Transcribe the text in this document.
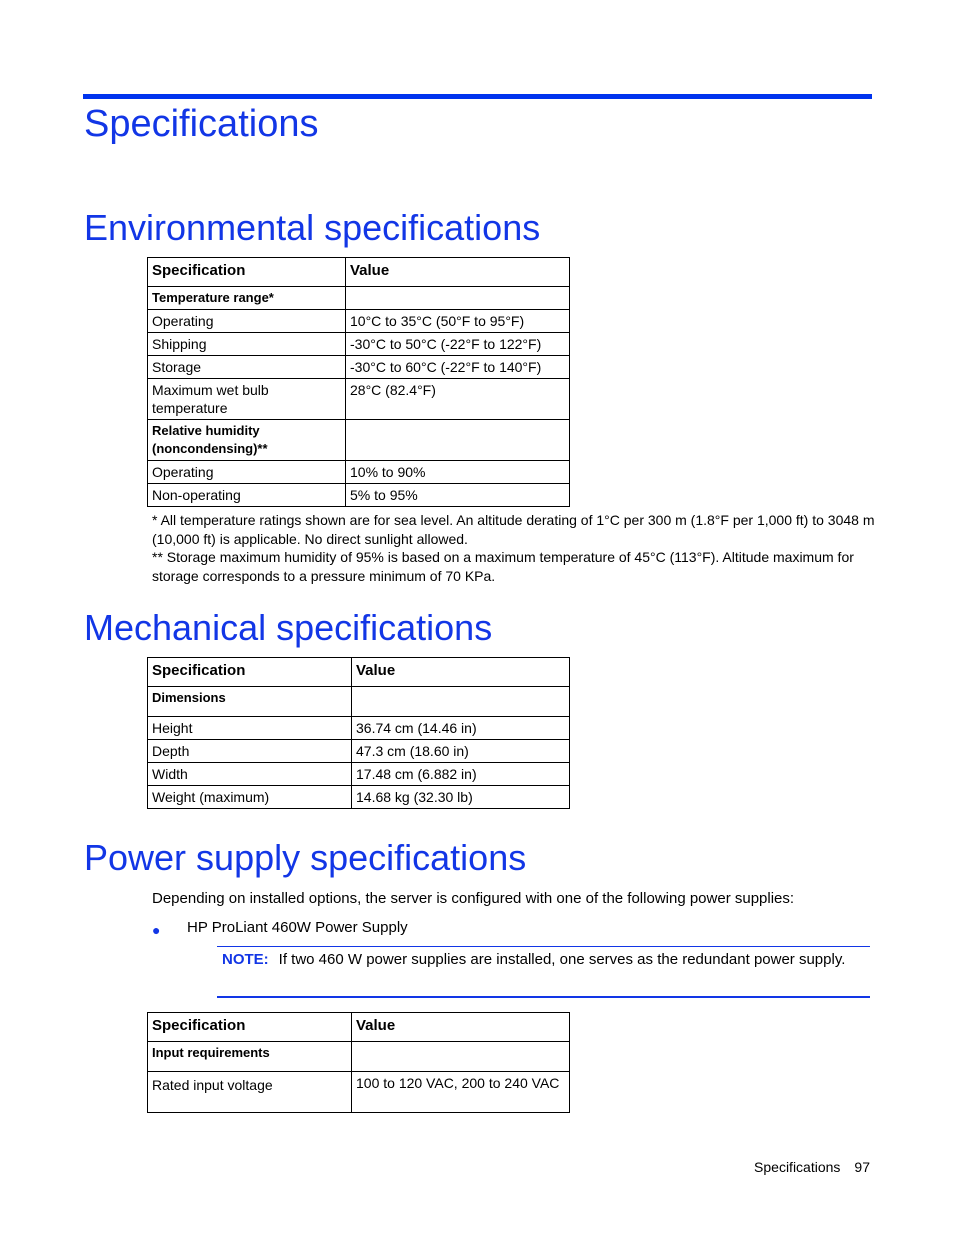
Specifications
Environmental specifications
Specification	Value
Temperature range*	
Operating	10°C to 35°C (50°F to 95°F)
Shipping	-30°C to 50°C (-22°F to 122°F)
Storage	-30°C to 60°C (-22°F to 140°F)
Maximum wet bulb temperature	28°C (82.4°F)
Relative humidity (noncondensing)**	
Operating	10% to 90%
Non-operating	5% to 95%
* All temperature ratings shown are for sea level. An altitude derating of 1°C per 300 m (1.8°F per 1,000 ft) to 3048 m (10,000 ft) is applicable. No direct sunlight allowed.
** Storage maximum humidity of 95% is based on a maximum temperature of 45°C (113°F). Altitude maximum for storage corresponds to a pressure minimum of 70 KPa.
Mechanical specifications
Specification	Value
Dimensions	
Height	36.74 cm (14.46 in)
Depth	47.3 cm (18.60 in)
Width	17.48 cm (6.882 in)
Weight (maximum)	14.68 kg (32.30 lb)
Power supply specifications
Depending on installed options, the server is configured with one of the following power supplies:
● HP ProLiant 460W Power Supply
NOTE: If two 460 W power supplies are installed, one serves as the redundant power supply.
Specification	Value
Input requirements	
Rated input voltage	100 to 120 VAC, 200 to 240 VAC
Specifications 97
